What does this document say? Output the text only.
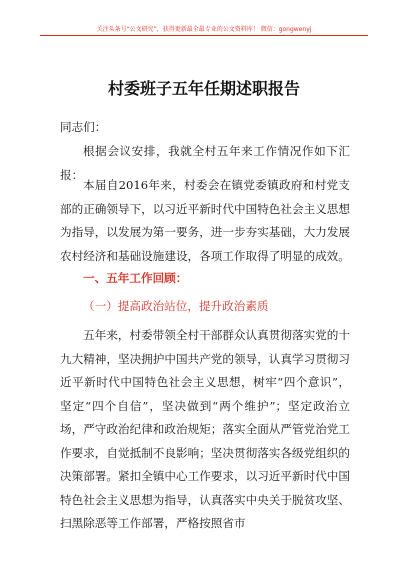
关注头条号“公文研究”，获得更新最全最专业的公文资料库！ 微信：gongwenyj
村委班子五年任期述职报告

同志们：

根据会议安排，我就全村五年来工作情况作如下汇报：

本届自2016年来，村委会在镇党委镇政府和村党支部的正确领导下，以习近平新时代中国特色社会主义思想为指导，以发展为第一要务，进一步夯实基础，大力发展农村经济和基础设施建设，各项工作取得了明显的成效。

一、五年工作回顾：

（一）提高政治站位，提升政治素质

五年来，村委带领全村干部群众认真贯彻落实党的十九大精神，坚决拥护中国共产党的领导，认真学习贯彻习近平新时代中国特色社会主义思想，树牢“四个意识”，坚定“四个自信”，坚决做到“两个维护”；坚定政治立场，严守政治纪律和政治规矩；落实全面从严管党治党工作要求，自觉抵制不良影响；坚决贯彻落实各级党组织的决策部署。紧扣全镇中心工作要求，以习近平新时代中国特色社会主义思想为指导，认真落实中央关于脱贫攻坚、扫黑除恶等工作部署，严格按照省市
